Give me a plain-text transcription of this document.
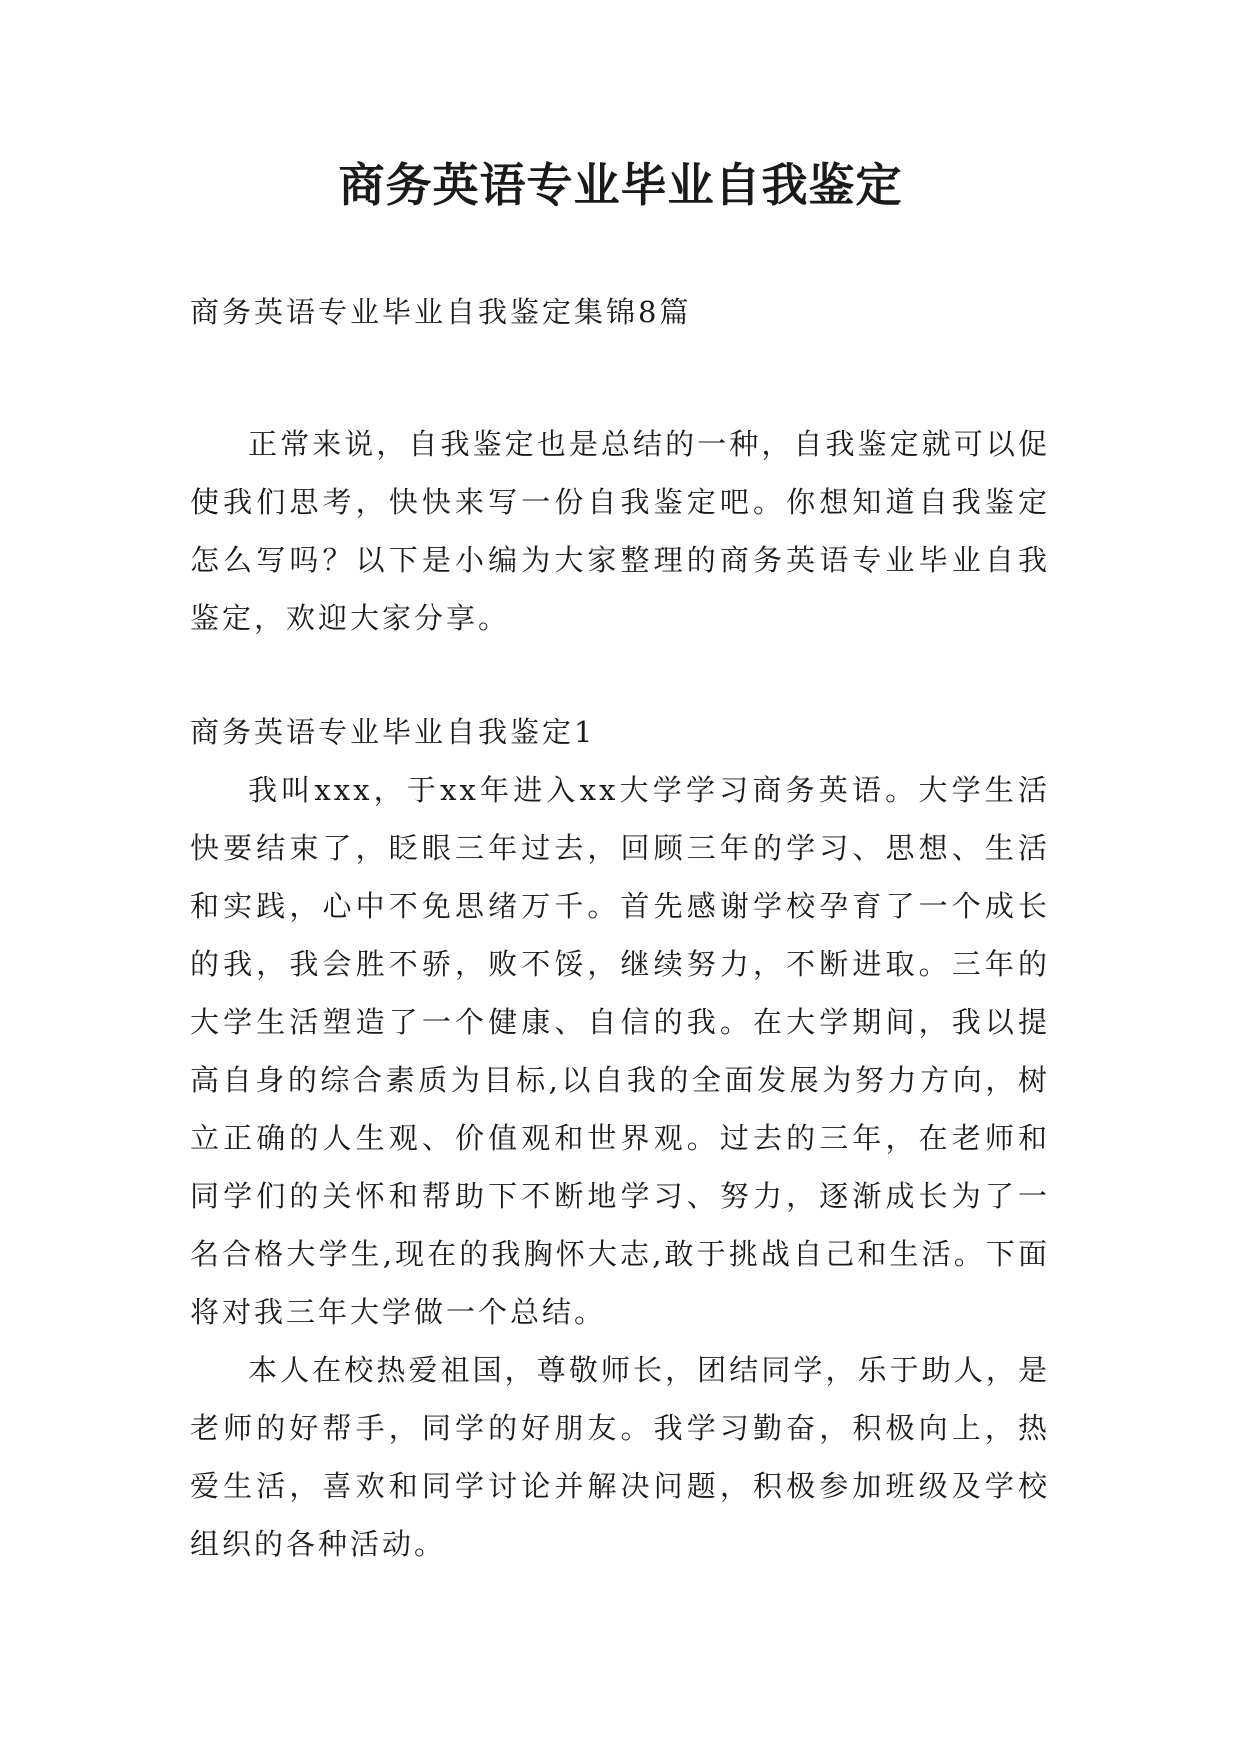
商务英语专业毕业自我鉴定

商务英语专业毕业自我鉴定集锦8篇

正常来说，自我鉴定也是总结的一种，自我鉴定就可以促使我们思考，快快来写一份自我鉴定吧。你想知道自我鉴定怎么写吗？以下是小编为大家整理的商务英语专业毕业自我鉴定，欢迎大家分享。

商务英语专业毕业自我鉴定1

我叫xxx，于xx年进入xx大学学习商务英语。大学生活快要结束了，眨眼三年过去，回顾三年的学习、思想、生活和实践，心中不免思绪万千。首先感谢学校孕育了一个成长的我，我会胜不骄，败不馁，继续努力，不断进取。三年的大学生活塑造了一个健康、自信的我。在大学期间，我以提高自身的综合素质为目标,以自我的全面发展为努力方向，树立正确的人生观、价值观和世界观。过去的三年，在老师和同学们的关怀和帮助下不断地学习、努力，逐渐成长为了一名合格大学生,现在的我胸怀大志,敢于挑战自己和生活。下面将对我三年大学做一个总结。

本人在校热爱祖国，尊敬师长，团结同学，乐于助人，是老师的好帮手，同学的好朋友。我学习勤奋，积极向上，热爱生活，喜欢和同学讨论并解决问题，积极参加班级及学校组织的各种活动。
